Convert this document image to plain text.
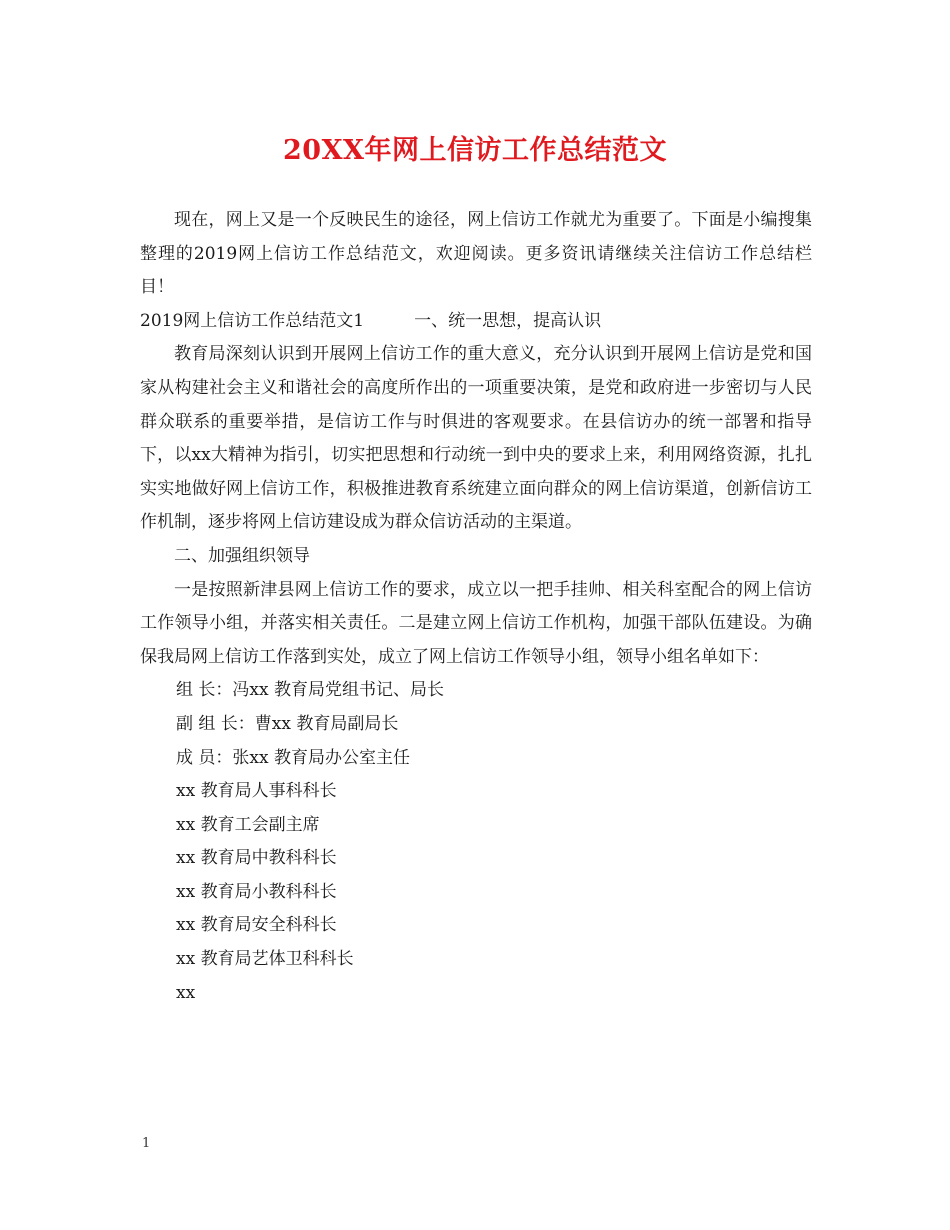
20XX年网上信访工作总结范文

现在，网上又是一个反映民生的途径，网上信访工作就尤为重要了。下面是小编搜集整理的2019网上信访工作总结范文，欢迎阅读。更多资讯请继续关注信访工作总结栏目！

2019网上信访工作总结范文1	一、统一思想，提高认识

教育局深刻认识到开展网上信访工作的重大意义，充分认识到开展网上信访是党和国家从构建社会主义和谐社会的高度所作出的一项重要决策，是党和政府进一步密切与人民群众联系的重要举措，是信访工作与时俱进的客观要求。在县信访办的统一部署和指导下，以xx大精神为指引，切实把思想和行动统一到中央的要求上来，利用网络资源，扎扎实实地做好网上信访工作，积极推进教育系统建立面向群众的网上信访渠道，创新信访工作机制，逐步将网上信访建设成为群众信访活动的主渠道。

二、加强组织领导

一是按照新津县网上信访工作的要求，成立以一把手挂帅、相关科室配合的网上信访工作领导小组，并落实相关责任。二是建立网上信访工作机构，加强干部队伍建设。为确保我局网上信访工作落到实处，成立了网上信访工作领导小组，领导小组名单如下：

组 长：冯xx 教育局党组书记、局长

副 组 长：曹xx 教育局副局长

成 员：张xx 教育局办公室主任

xx 教育局人事科科长

xx 教育工会副主席

xx 教育局中教科科长

xx 教育局小教科科长

xx 教育局安全科科长

xx 教育局艺体卫科科长

xx

1
